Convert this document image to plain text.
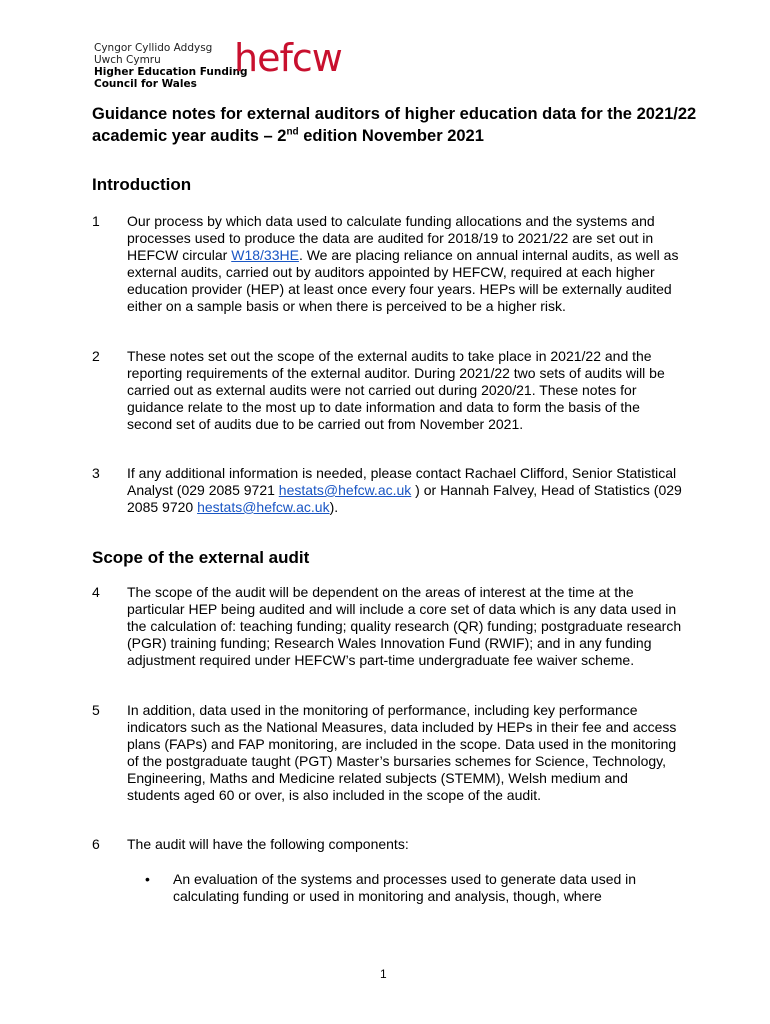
Cyngor Cyllido Addysg
Uwch Cymru
Higher Education Funding
Council for Wales
hefcw
Guidance notes for external auditors of higher education data for the 2021/22 academic year audits – 2nd edition November 2021
Introduction
1	Our process by which data used to calculate funding allocations and the systems and processes used to produce the data are audited for 2018/19 to 2021/22 are set out in HEFCW circular W18/33HE. We are placing reliance on annual internal audits, as well as external audits, carried out by auditors appointed by HEFCW, required at each higher education provider (HEP) at least once every four years. HEPs will be externally audited either on a sample basis or when there is perceived to be a higher risk.
2	These notes set out the scope of the external audits to take place in 2021/22 and the reporting requirements of the external auditor. During 2021/22 two sets of audits will be carried out as external audits were not carried out during 2020/21. These notes for guidance relate to the most up to date information and data to form the basis of the second set of audits due to be carried out from November 2021.
3	If any additional information is needed, please contact Rachael Clifford, Senior Statistical Analyst (029 2085 9721 hestats@hefcw.ac.uk ) or Hannah Falvey, Head of Statistics (029 2085 9720 hestats@hefcw.ac.uk).
Scope of the external audit
4	The scope of the audit will be dependent on the areas of interest at the time at the particular HEP being audited and will include a core set of data which is any data used in the calculation of: teaching funding; quality research (QR) funding; postgraduate research (PGR) training funding; Research Wales Innovation Fund (RWIF); and in any funding adjustment required under HEFCW’s part-time undergraduate fee waiver scheme.
5	In addition, data used in the monitoring of performance, including key performance indicators such as the National Measures, data included by HEPs in their fee and access plans (FAPs) and FAP monitoring, are included in the scope. Data used in the monitoring of the postgraduate taught (PGT) Master’s bursaries schemes for Science, Technology, Engineering, Maths and Medicine related subjects (STEMM), Welsh medium and students aged 60 or over, is also included in the scope of the audit.
6	The audit will have the following components:
• An evaluation of the systems and processes used to generate data used in calculating funding or used in monitoring and analysis, though, where
1
